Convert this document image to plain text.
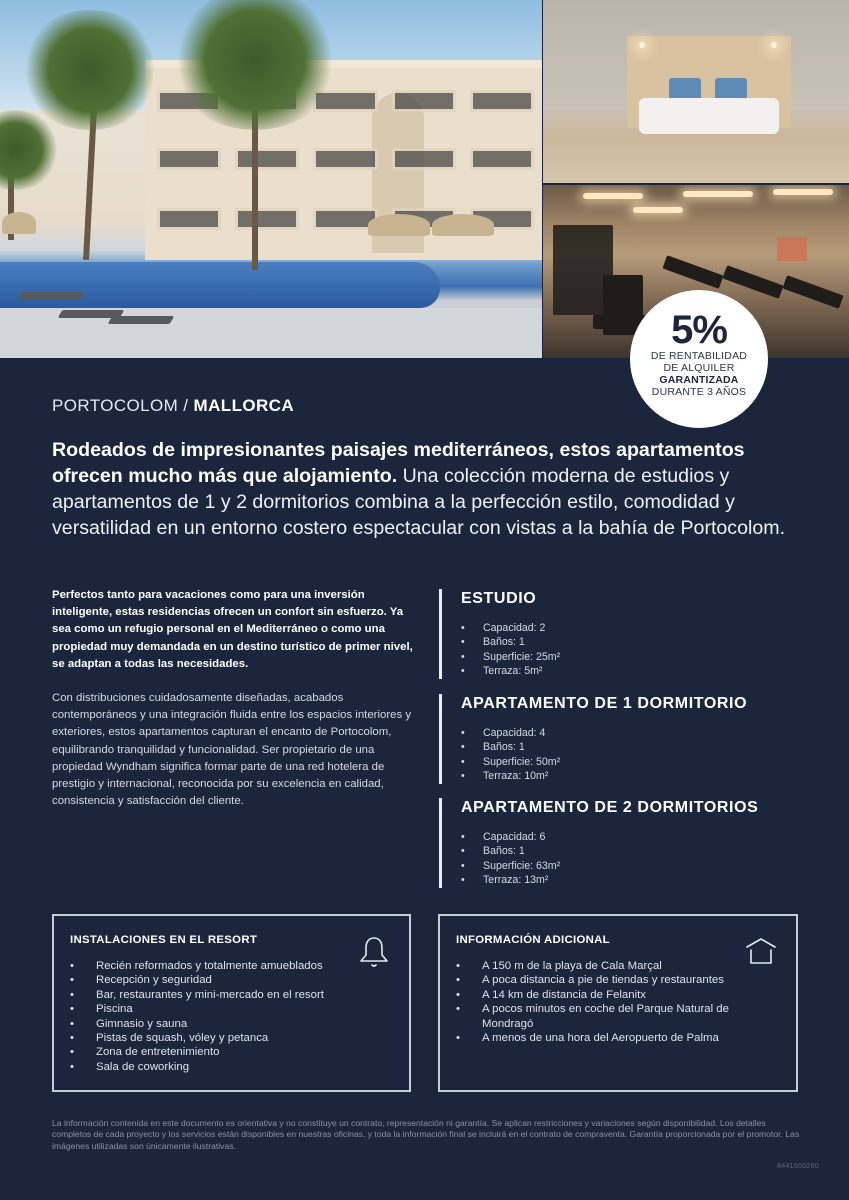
5%
DE RENTABILIDAD
DE ALQUILER
GARANTIZADA
DURANTE 3 AÑOS
PORTOCOLOM / MALLORCA

Rodeados de impresionantes paisajes mediterráneos, estos apartamentos ofrecen mucho más que alojamiento. Una colección moderna de estudios y apartamentos de 1 y 2 dormitorios combina a la perfección estilo, comodidad y versatilidad en un entorno costero espectacular con vistas a la bahía de Portocolom.

Perfectos tanto para vacaciones como para una inversión inteligente, estas residencias ofrecen un confort sin esfuerzo. Ya sea como un refugio personal en el Mediterráneo o como una propiedad muy demandada en un destino turístico de primer nivel, se adaptan a todas las necesidades.

Con distribuciones cuidadosamente diseñadas, acabados contemporáneos y una integración fluida entre los espacios interiores y exteriores, estos apartamentos capturan el encanto de Portocolom, equilibrando tranquilidad y funcionalidad. Ser propietario de una propiedad Wyndham significa formar parte de una red hotelera de prestigio y internacional, reconocida por su excelencia en calidad, consistencia y satisfacción del cliente.

ESTUDIO
•	Capacidad: 2
•	Baños: 1
•	Superficie: 25m²
•	Terraza: 5m²
APARTAMENTO DE 1 DORMITORIO
•	Capacidad: 4
•	Baños: 1
•	Superficie: 50m²
•	Terraza: 10m²
APARTAMENTO DE 2 DORMITORIOS
•	Capacidad: 6
•	Baños: 1
•	Superficie: 63m²
•	Terraza: 13m²
INSTALACIONES EN EL RESORT
•	Recién reformados y totalmente amueblados
•	Recepción y seguridad
•	Bar, restaurantes y mini-mercado en el resort
•	Piscina
•	Gimnasio y sauna
•	Pistas de squash, vóley y petanca
•	Zona de entretenimiento
•	Sala de coworking
INFORMACIÓN ADICIONAL
•	A 150 m de la playa de Cala Marçal
•	A poca distancia a pie de tiendas y restaurantes
•	A 14 km de distancia de Felanitx
•	A pocos minutos en coche del Parque Natural de Mondragó
•	A menos de una hora del Aeropuerto de Palma

La información contenida en este documento es orientativa y no constituye un contrato, representación ni garantía. Se aplican restricciones y variaciones según disponibilidad. Los detalles completos de cada proyecto y los servicios están disponibles en nuestras oficinas, y toda la información final se incluirá en el contrato de compraventa. Garantía proporcionada por el promotor. Las imágenes utilizadas son únicamente ilustrativas.

8441500260
